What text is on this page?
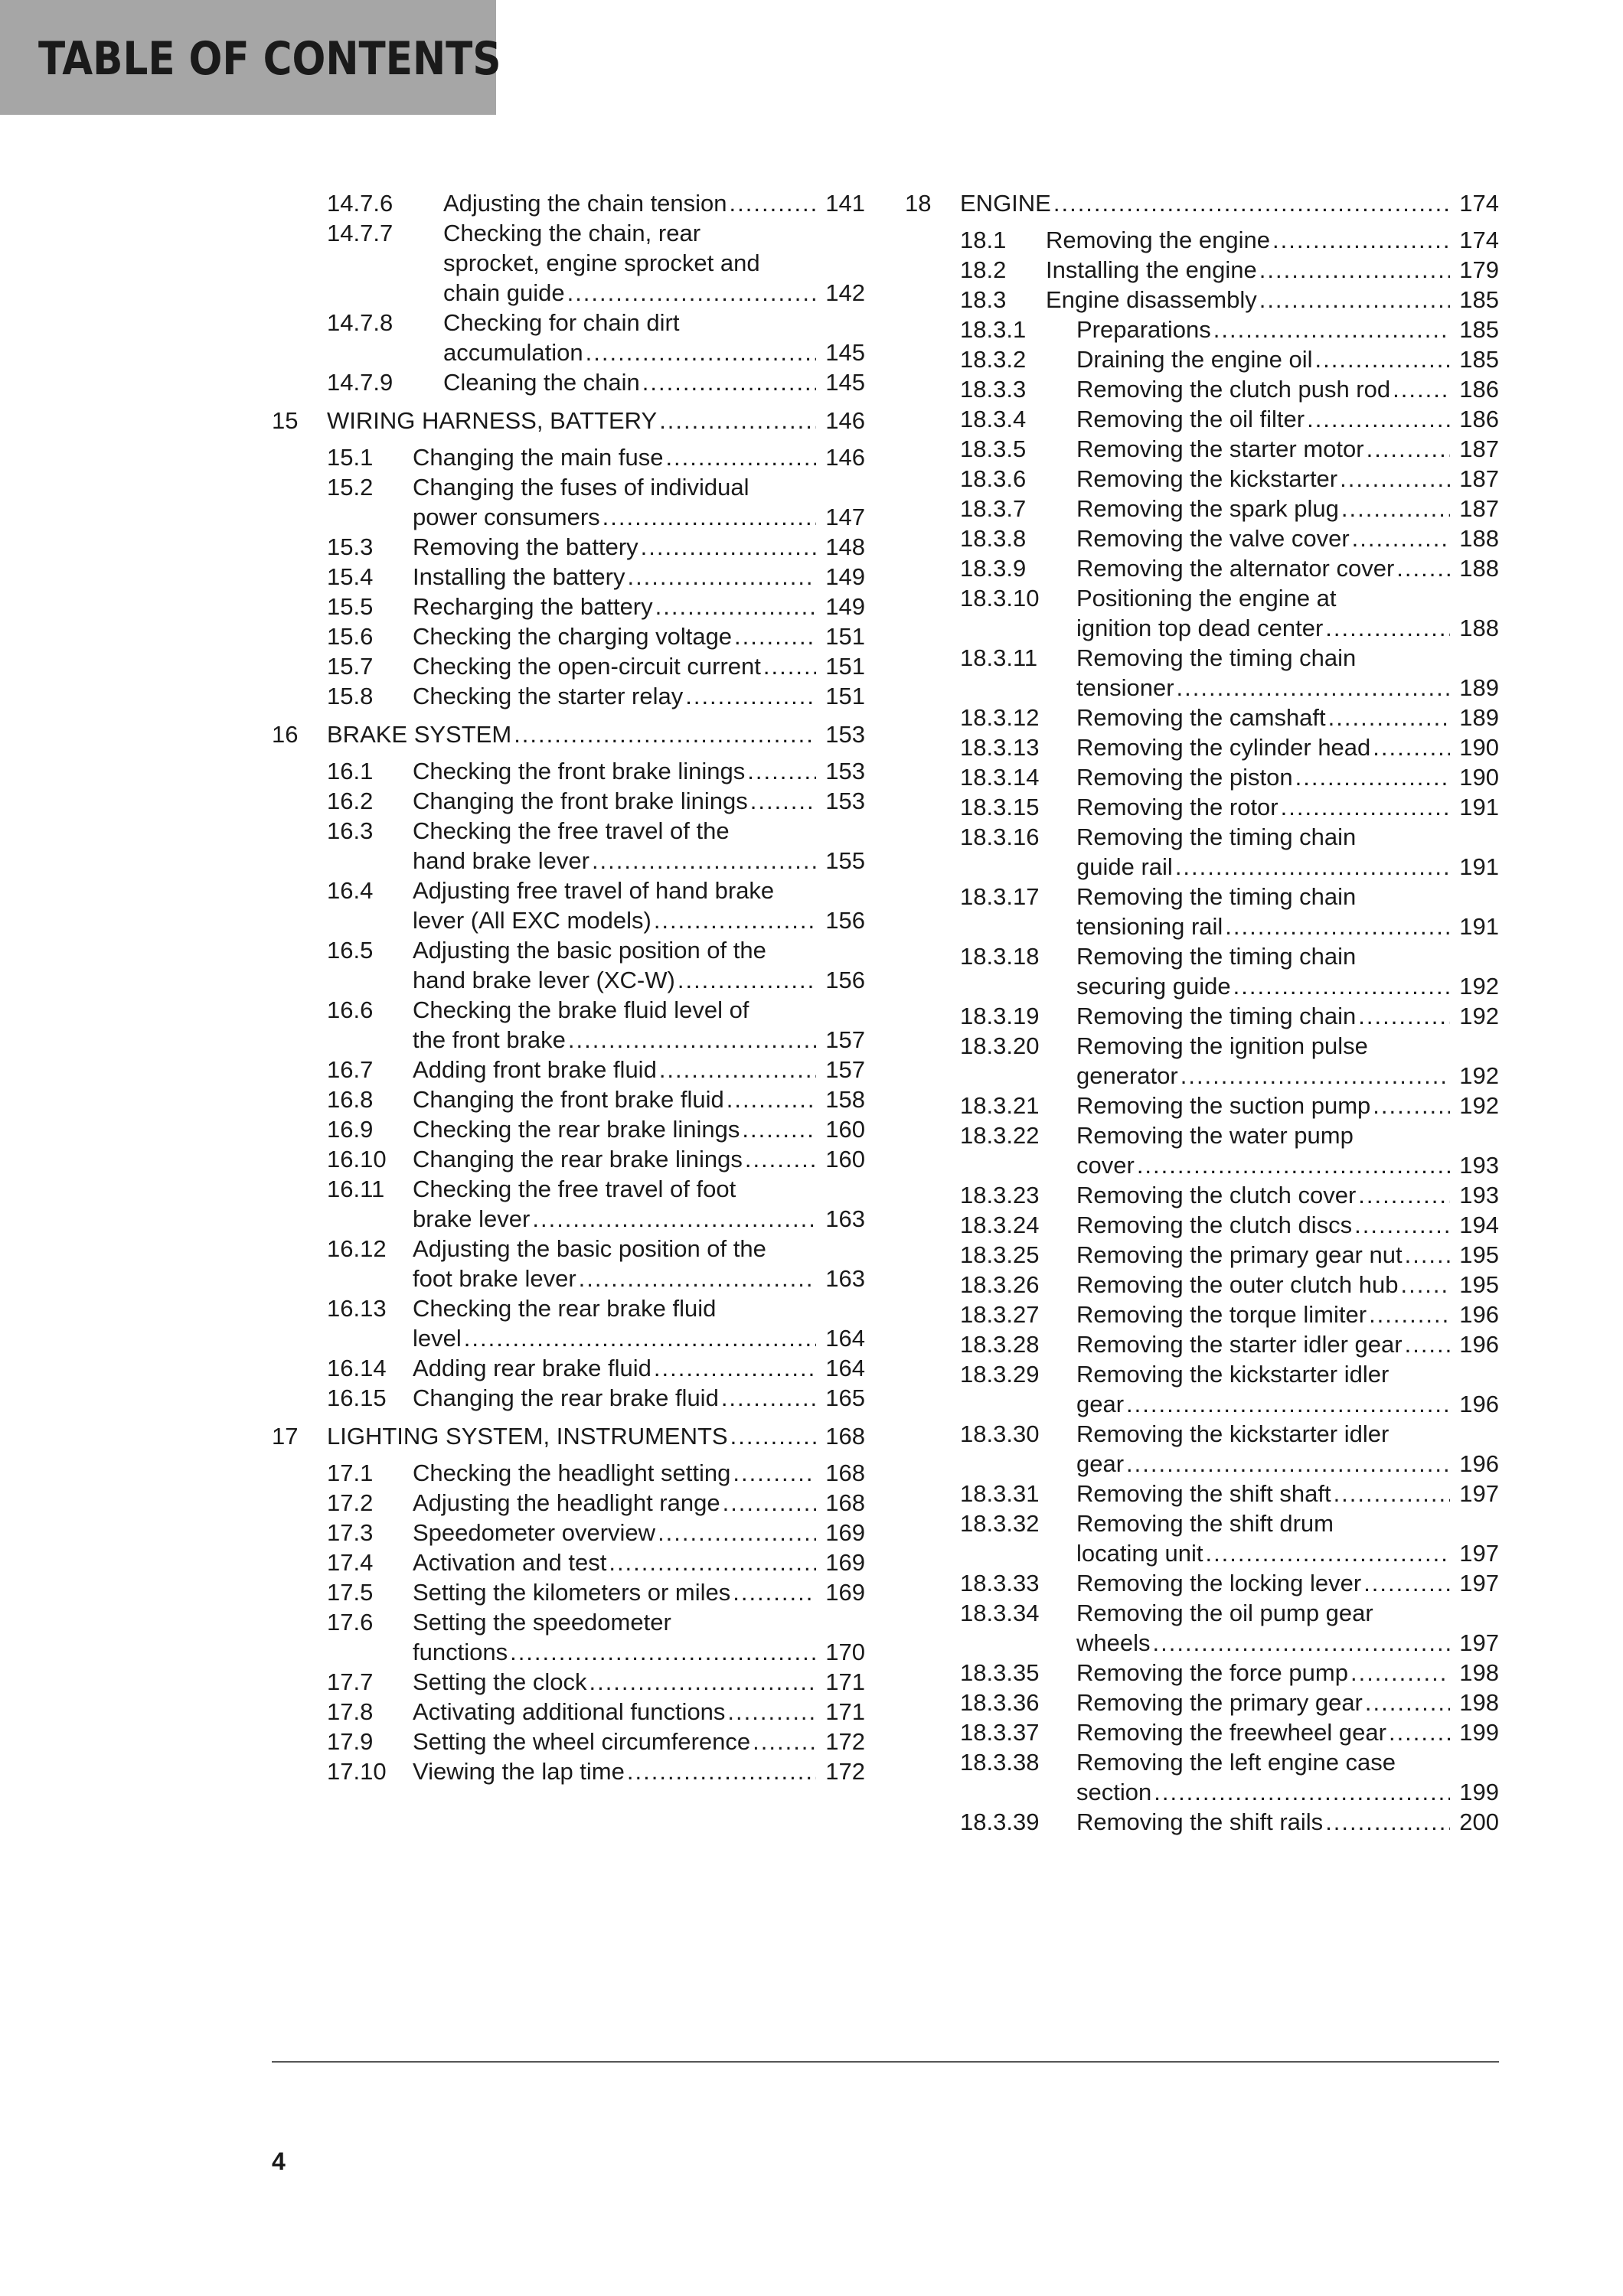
TABLE OF CONTENTS
14.7.6 Adjusting the chain tension .....	141
14.7.7 Checking the chain, rear
sprocket, engine sprocket and
chain guide .....	142
14.7.8 Checking for chain dirt
accumulation .....	145
14.7.9 Cleaning the chain .....	145
15 WIRING HARNESS, BATTERY .....	146
15.1 Changing the main fuse .....	146
15.2 Changing the fuses of individual
power consumers .....	147
15.3 Removing the battery .....	148
15.4 Installing the battery .....	149
15.5 Recharging the battery .....	149
15.6 Checking the charging voltage .....	151
15.7 Checking the open-circuit current .....	151
15.8 Checking the starter relay .....	151
16 BRAKE SYSTEM .....	153
16.1 Checking the front brake linings .....	153
16.2 Changing the front brake linings .....	153
16.3 Checking the free travel of the
hand brake lever .....	155
16.4 Adjusting free travel of hand brake
lever (All EXC models) .....	156
16.5 Adjusting the basic position of the
hand brake lever (XC-W) .....	156
16.6 Checking the brake fluid level of
the front brake .....	157
16.7 Adding front brake fluid .....	157
16.8 Changing the front brake fluid .....	158
16.9 Checking the rear brake linings .....	160
16.10 Changing the rear brake linings .....	160
16.11 Checking the free travel of foot
brake lever .....	163
16.12 Adjusting the basic position of the
foot brake lever .....	163
16.13 Checking the rear brake fluid
level .....	164
16.14 Adding rear brake fluid .....	164
16.15 Changing the rear brake fluid .....	165
17 LIGHTING SYSTEM, INSTRUMENTS .....	168
17.1 Checking the headlight setting .....	168
17.2 Adjusting the headlight range .....	168
17.3 Speedometer overview .....	169
17.4 Activation and test .....	169
17.5 Setting the kilometers or miles .....	169
17.6 Setting the speedometer
functions .....	170
17.7 Setting the clock .....	171
17.8 Activating additional functions .....	171
17.9 Setting the wheel circumference .....	172
17.10 Viewing the lap time .....	172
18 ENGINE .....	174
18.1 Removing the engine .....	174
18.2 Installing the engine .....	179
18.3 Engine disassembly .....	185
18.3.1 Preparations .....	185
18.3.2 Draining the engine oil .....	185
18.3.3 Removing the clutch push rod .....	186
18.3.4 Removing the oil filter .....	186
18.3.5 Removing the starter motor .....	187
18.3.6 Removing the kickstarter .....	187
18.3.7 Removing the spark plug .....	187
18.3.8 Removing the valve cover .....	188
18.3.9 Removing the alternator cover .....	188
18.3.10 Positioning the engine at
ignition top dead center .....	188
18.3.11 Removing the timing chain
tensioner .....	189
18.3.12 Removing the camshaft .....	189
18.3.13 Removing the cylinder head .....	190
18.3.14 Removing the piston .....	190
18.3.15 Removing the rotor .....	191
18.3.16 Removing the timing chain
guide rail .....	191
18.3.17 Removing the timing chain
tensioning rail .....	191
18.3.18 Removing the timing chain
securing guide .....	192
18.3.19 Removing the timing chain .....	192
18.3.20 Removing the ignition pulse
generator .....	192
18.3.21 Removing the suction pump .....	192
18.3.22 Removing the water pump
cover .....	193
18.3.23 Removing the clutch cover .....	193
18.3.24 Removing the clutch discs .....	194
18.3.25 Removing the primary gear nut ..... 195
18.3.26 Removing the outer clutch hub .....	195
18.3.27 Removing the torque limiter .....	196
18.3.28 Removing the starter idler gear ..... 196
18.3.29 Removing the kickstarter idler
gear .....	196
18.3.30 Removing the kickstarter idler
gear .....	196
18.3.31 Removing the shift shaft .....	197
18.3.32 Removing the shift drum
locating unit .....	197
18.3.33 Removing the locking lever .....	197
18.3.34 Removing the oil pump gear
wheels .....	197
18.3.35 Removing the force pump .....	198
18.3.36 Removing the primary gear .....	198
18.3.37 Removing the freewheel gear .....	199
18.3.38 Removing the left engine case
section .....	199
18.3.39 Removing the shift rails .....	200
4
